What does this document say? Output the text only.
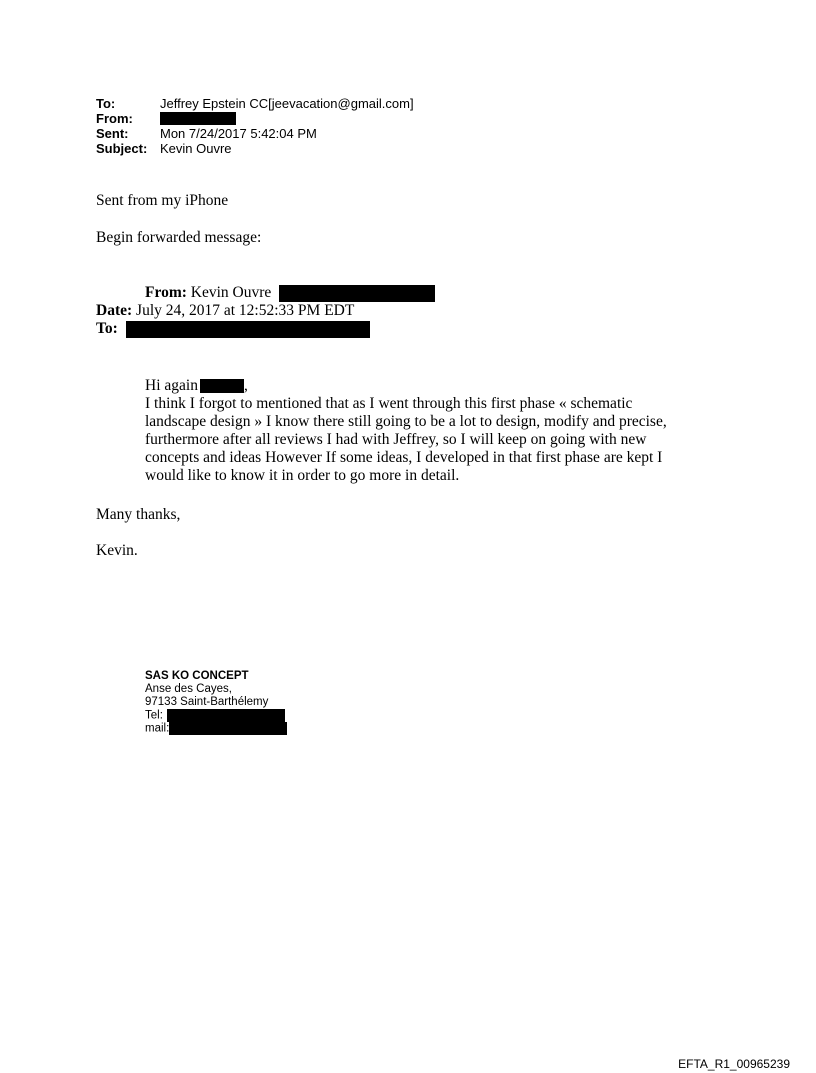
To:	Jeffrey Epstein CC[jeevacation@gmail.com]
From:
Sent:	Mon 7/24/2017 5:42:04 PM
Subject: Kevin Ouvre
Sent from my iPhone
Begin forwarded message:
From: Kevin Ouvre
Date: July 24, 2017 at 12:52:33 PM EDT
To:
Hi again	,
I think I forgot to mentioned that as I went through this first phase « schematic landscape design » I know there still going to be a lot to design, modify and precise, furthermore after all reviews I had with Jeffrey, so I will keep on going with new concepts and ideas However If some ideas, I developed in that first phase are kept I would like to know it in order to go more in detail.
Many thanks,
Kevin.
SAS KO CONCEPT
Anse des Cayes,
97133 Saint-Barthélemy
Tel:
mail:
EFTA_R1_00965239
